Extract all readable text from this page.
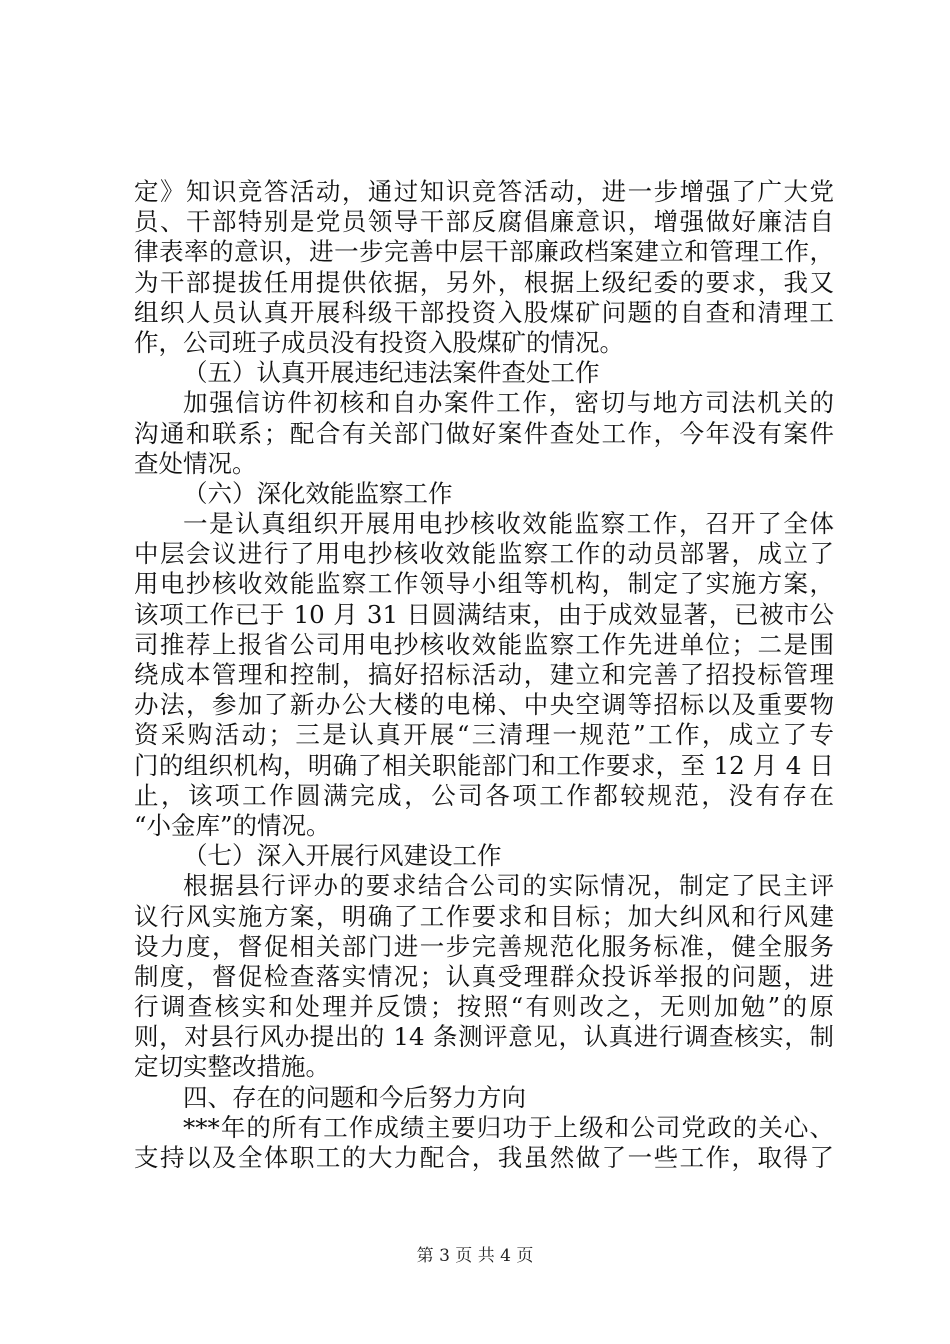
定》知识竞答活动，通过知识竞答活动，进一步增强了广大党
员、干部特别是党员领导干部反腐倡廉意识，增强做好廉洁自
律表率的意识，进一步完善中层干部廉政档案建立和管理工作，
为干部提拔任用提供依据，另外，根据上级纪委的要求，我又
组织人员认真开展科级干部投资入股煤矿问题的自查和清理工
作，公司班子成员没有投资入股煤矿的情况。
（五）认真开展违纪违法案件查处工作
加强信访件初核和自办案件工作，密切与地方司法机关的
沟通和联系；配合有关部门做好案件查处工作，今年没有案件
查处情况。
（六）深化效能监察工作
一是认真组织开展用电抄核收效能监察工作，召开了全体
中层会议进行了用电抄核收效能监察工作的动员部署，成立了
用电抄核收效能监察工作领导小组等机构，制定了实施方案，
该项工作已于 10 月 31 日圆满结束，由于成效显著，已被市公
司推荐上报省公司用电抄核收效能监察工作先进单位；二是围
绕成本管理和控制，搞好招标活动，建立和完善了招投标管理
办法，参加了新办公大楼的电梯、中央空调等招标以及重要物
资采购活动；三是认真开展“三清理一规范”工作，成立了专
门的组织机构，明确了相关职能部门和工作要求，至 12 月 4 日
止，该项工作圆满完成，公司各项工作都较规范，没有存在
“小金库”的情况。
（七）深入开展行风建设工作
根据县行评办的要求结合公司的实际情况，制定了民主评
议行风实施方案，明确了工作要求和目标；加大纠风和行风建
设力度，督促相关部门进一步完善规范化服务标准，健全服务
制度，督促检查落实情况；认真受理群众投诉举报的问题，进
行调查核实和处理并反馈；按照“有则改之，无则加勉”的原
则，对县行风办提出的 14 条测评意见，认真进行调查核实，制
定切实整改措施。
四、存在的问题和今后努力方向
***年的所有工作成绩主要归功于上级和公司党政的关心、
支持以及全体职工的大力配合，我虽然做了一些工作，取得了
第 3 页 共 4 页
